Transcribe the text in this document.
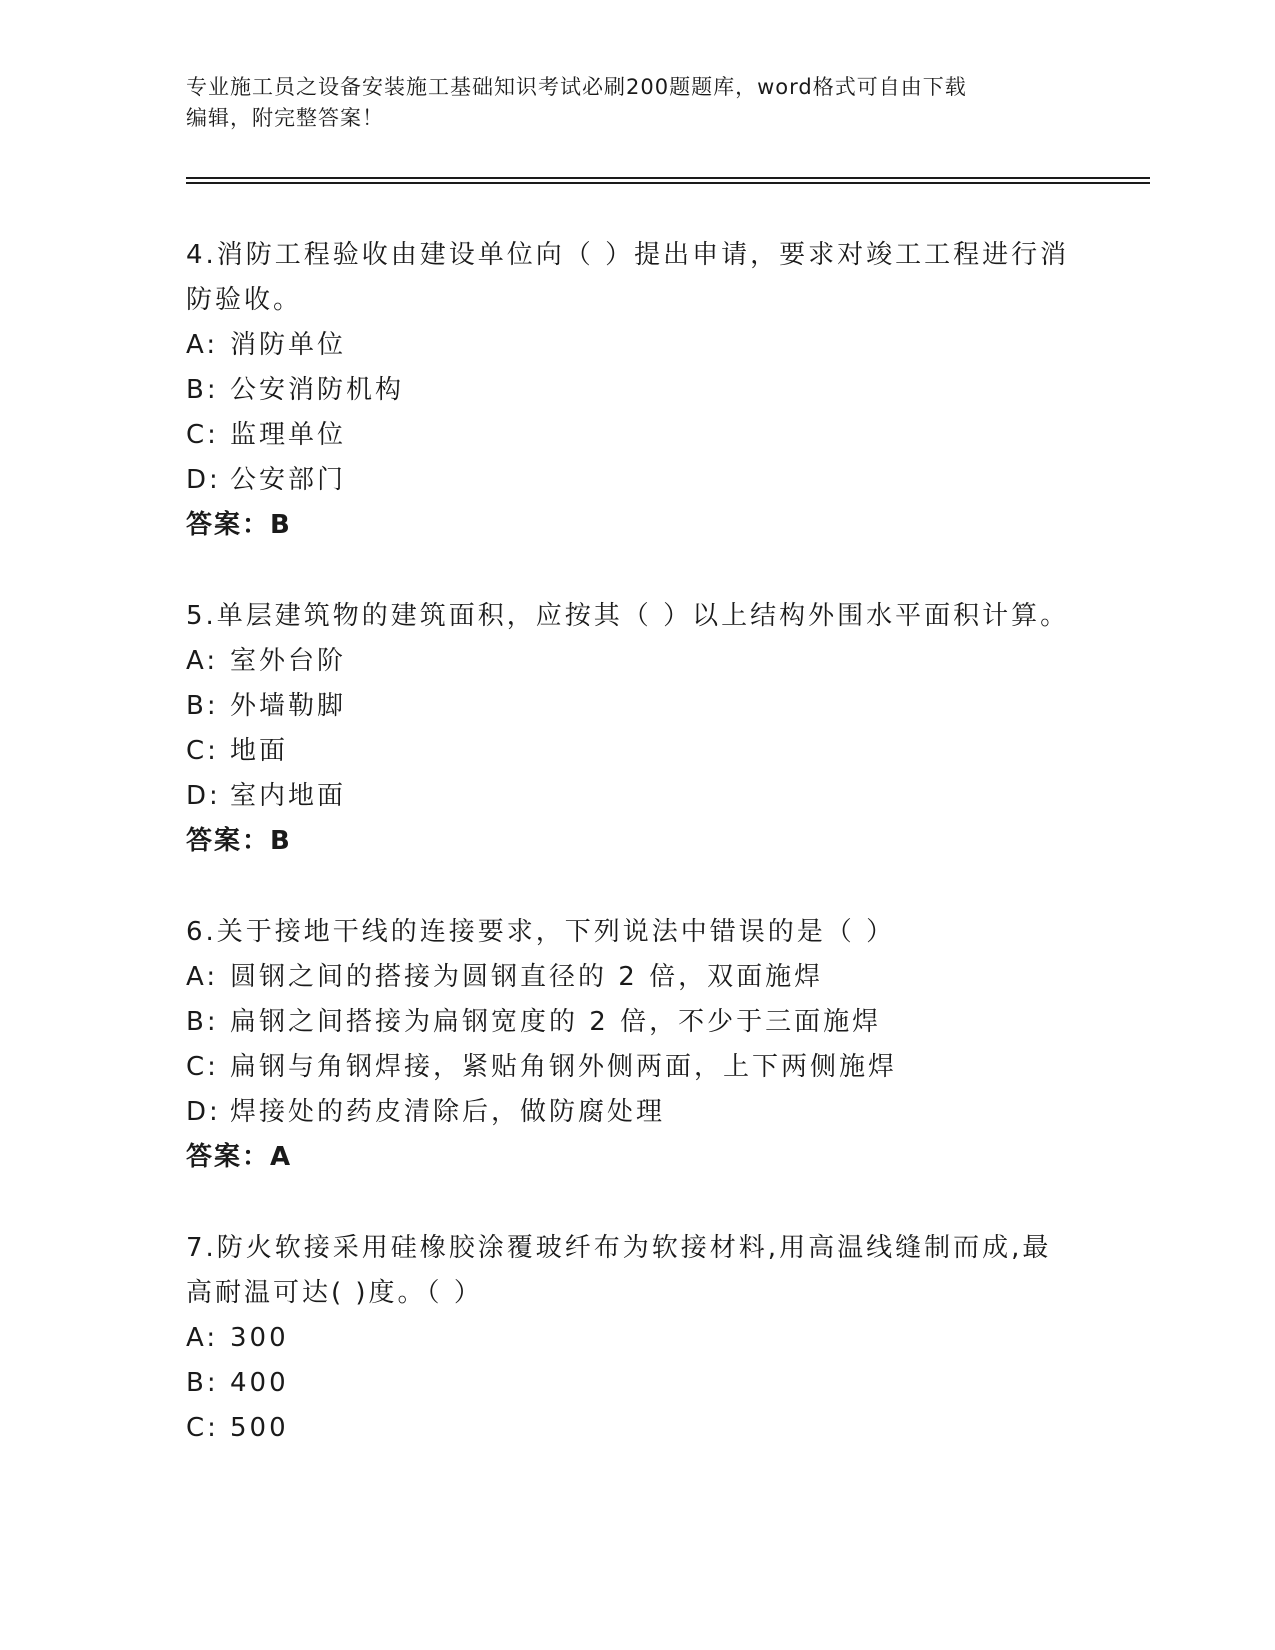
专业施工员之设备安装施工基础知识考试必刷200题题库，word格式可自由下载
编辑，附完整答案！
4.消防工程验收由建设单位向（ ）提出申请，要求对竣工工程进行消
防验收。
A: 消防单位
B: 公安消防机构
C: 监理单位
D: 公安部门
答案：B
5.单层建筑物的建筑面积，应按其（ ）以上结构外围水平面积计算。
A: 室外台阶
B: 外墙勒脚
C: 地面
D: 室内地面
答案：B
6.关于接地干线的连接要求，下列说法中错误的是（ ）
A: 圆钢之间的搭接为圆钢直径的 2 倍，双面施焊
B: 扁钢之间搭接为扁钢宽度的 2 倍，不少于三面施焊
C: 扁钢与角钢焊接，紧贴角钢外侧两面，上下两侧施焊
D: 焊接处的药皮清除后，做防腐处理
答案：A
7.防火软接采用硅橡胶涂覆玻纤布为软接材料,用高温线缝制而成,最
高耐温可达( )度。（ ）
A: 300
B: 400
C: 500
